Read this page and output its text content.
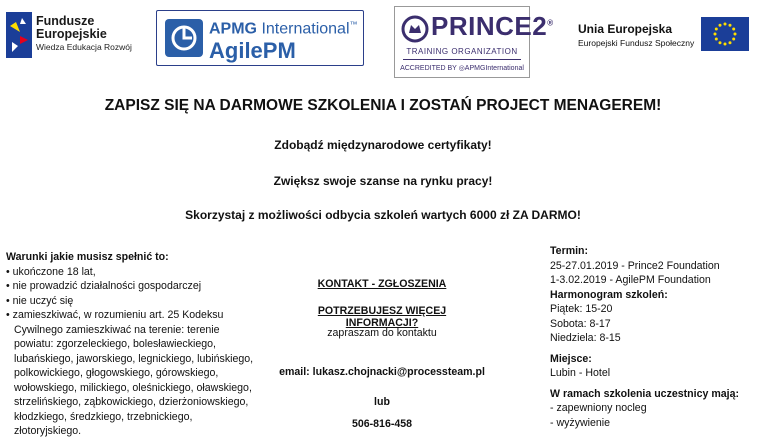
Fundusze
Europejskie
Wiedza Edukacja Rozwój
APMG International™
AgilePM
PRINCE2®
TRAINING ORGANIZATION
ACCREDITED BY ◎APMGInternational
Unia Europejska
Europejski Fundusz Społeczny
ZAPISZ SIĘ NA DARMOWE SZKOLENIA I ZOSTAŃ PROJECT MENAGEREM!
Zdobądź międzynarodowe certyfikaty!
Zwiększ swoje szanse na rynku pracy!
Skorzystaj z możliwości odbycia szkoleń wartych 6000 zł ZA DARMO!
Warunki jakie musisz spełnić to:
• ukończone 18 lat,
• nie prowadzić działalności gospodarczej
• nie uczyć się
• zamieszkiwać, w rozumieniu art. 25 Kodeksu
Cywilnego zamieszkiwać na terenie: terenie
powiatu: zgorzeleckiego, bolesławieckiego,
lubańskiego, jaworskiego, legnickiego, lubińskiego,
polkowickiego, głogowskiego, górowskiego,
wołowskiego, milickiego, oleśnickiego, oławskiego,
strzelińskiego, ząbkowickiego, dzierżoniowskiego,
kłodzkiego, średzkiego, trzebnickiego,
złotoryjskiego.
KONTAKT - ZGŁOSZENIA
POTRZEBUJESZ WIĘCEJ INFORMACJI?
zapraszam do kontaktu
email: lukasz.chojnacki@processteam.pl
lub
506-816-458
Termin:
25-27.01.2019 - Prince2 Foundation
1-3.02.2019 - AgilePM Foundation
Harmonogram szkoleń:
Piątek: 15-20
Sobota: 8-17
Niedziela: 8-15
Miejsce:
Lubin - Hotel
W ramach szkolenia uczestnicy mają:
- zapewniony nocleg
- wyżywienie
